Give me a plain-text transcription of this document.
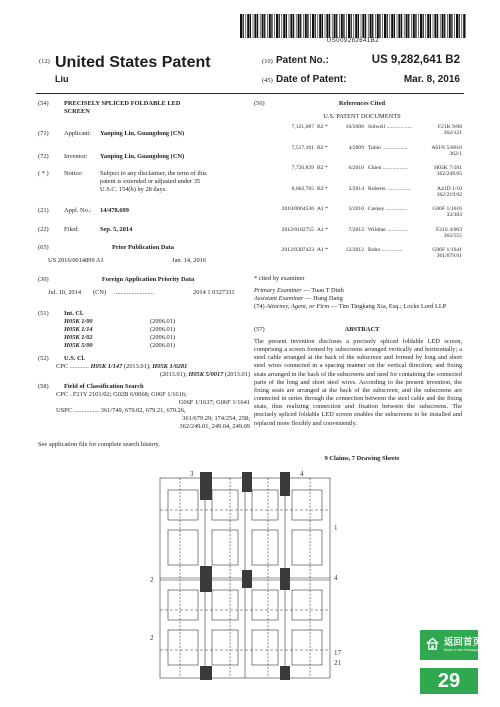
US009282641B2
(12) United States Patent
Liu
(10) Patent No.:	US 9,282,641 B2
(45) Date of Patent:	Mar. 8, 2016
(54) PRECISELY SPLICED FOLDABLE LED
SCREEN
(71) Applicant: Yanping Liu, Guangdong (CN)
(72) Inventor: Yanping Liu, Guangdong (CN)
( * ) Notice:	Subject to any disclaimer, the term of this
patent is extended or adjusted under 35
U.S.C. 154(b) by 28 days.
(21) Appl. No.: 14/478,699
(22) Filed:	Sep. 5, 2014
(65)	Prior Publication Data
US 2016/0014899 A1	Jan. 14, 2016
(30)	Foreign Application Priority Data
Jul. 10, 2014 (CN) .........................	2014 1 0327331
(51) Int. Cl.
H05K 1/00	(2006.01)
H05K 1/14	(2006.01)
H05K 1/02	(2006.01)
H05K 5/00	(2006.01)
(52) U.S. Cl.
CPC ............ H05K 1/147 (2013.01); H05K 1/0281
(2013.01); H05K 5/0017 (2013.01)
(58) Field of Classification Search
CPC . F21Y 2101/02; G02B 6/0068; G06F 1/1616;
G06F 1/1637; G06F 1/1641
USPC ................ 361/749, 679.02, 679.21, 679.26,
361/679.29; 174/254, 258;
362/249.01, 249.04, 249.09
See application file for complete search history.
(56)	References Cited
U.S. PATENT DOCUMENTS
7,121,687 B2 *	10/2006 Sidwell ..................	F21K 9/00
362/121
7,517,101 B2 *	4/2009 Tobin ..................	A61N 5/0616
362/1
7,726,839 B2 *	6/2010 Chien ..................	H05K 7/181
362/249.05
8,662,705 B2 *	3/2014 Roberts .................	A41D 1/10
362/219.02
2010/0064536 A1 *	3/2010 Caskey ...............	G06F 1/1616
33/303
2012/0182755 A1 *	7/2012 Wildner ...............	F21S 4/003
362/555
2012/0307423 A1 *	12/2012 Bohn ...............	G06F 1/1641
361/679.01
* cited by examiner
Primary Examiner — Tuan T Dinh
Assistant Examiner — Hung Dang
(74) Attorney, Agent, or Firm — Tim Tingkang Xia, Esq.; Locke Lord LLP
(57)	ABSTRACT
The present invention discloses a precisely spliced foldable LED screen, comprising a screen formed by subscreens arranged vertically and horizontally; a steel cable arranged at the back of the subscreen and formed by long and short steel wires connected in a spacing manner on the vertical direction; and fixing seats arranged in the back of the subscreens and used for containing the connected parts of the long and short steel wires. According to the present invention, the fixing seats are arranged at the back of the subscreen, and the subscreens are connected in series through the connection between the steel cable and the fixing seats, thus realizing connection and fixation between the subscreens. The precisely spliced foldable LED screen enables the subscreens to be installed and replaced more flexibly and conveniently.
9 Claims, 7 Drawing Sheets
3	4
2
1
4
2
17
21
返回首页
Back to the Homepage
29
